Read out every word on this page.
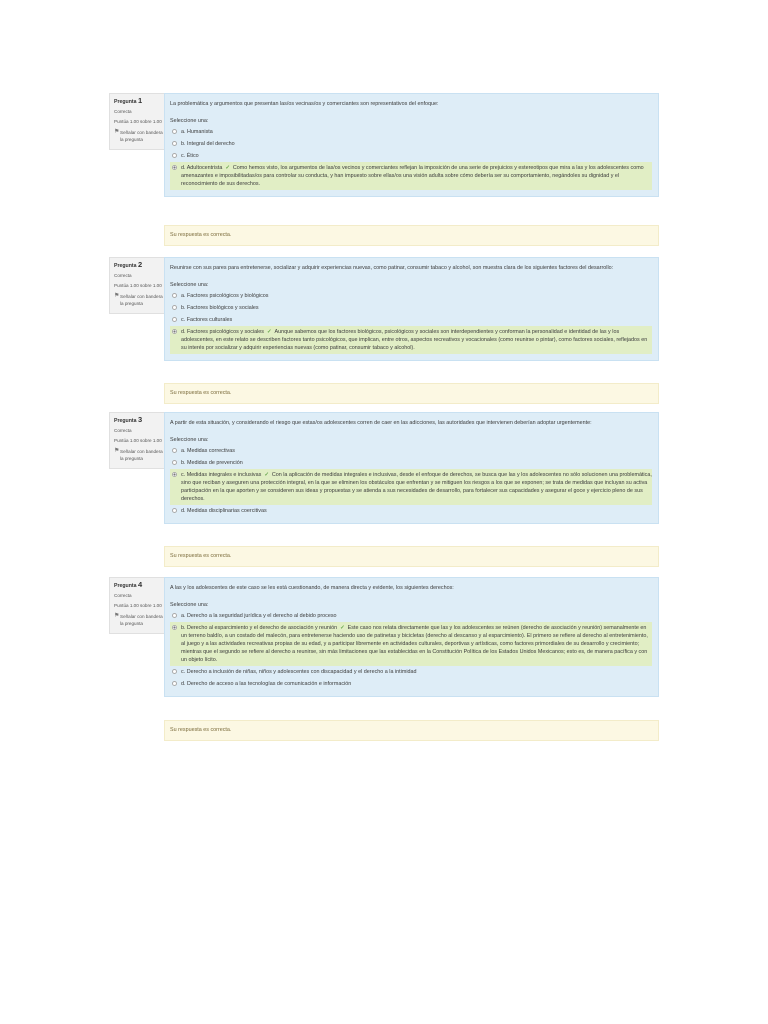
Pregunta 1
Correcta
Puntúa 1.00 sobre 1.00
⚑ Señalar con bandera la pregunta
La problemática y argumentos que presentan las/os vecinas/os y comerciantes son representativos del enfoque:
Seleccione una:
a. Humanista
b. Integral del derecho
c. Ético
d. Adultocentrista ✓ Como hemos visto, los argumentos de las/os vecinos y comerciantes reflejan la imposición de una serie de prejuicios y estereotipos que mira a las y los adolescentes como amenazantes e imposibilitadas/os para controlar su conducta, y han impuesto sobre ellas/os una visión adulta sobre cómo debería ser su comportamiento, negándoles su dignidad y el reconocimiento de sus derechos.
Su respuesta es correcta.
Pregunta 2
Correcta
Puntúa 1.00 sobre 1.00
⚑ Señalar con bandera la pregunta
Reunirse con sus pares para entretenerse, socializar y adquirir experiencias nuevas, como patinar, consumir tabaco y alcohol, son muestra clara de los siguientes factores del desarrollo:
Seleccione una:
a. Factores psicológicos y biológicos
b. Factores biológicos y sociales
c. Factores culturales
d. Factores psicológicos y sociales ✓ Aunque sabemos que los factores biológicos, psicológicos y sociales son interdependientes y conforman la personalidad e identidad de las y los adolescentes, en este relato se describen factores tanto psicológicos, que implican, entre otros, aspectos recreativos y vocacionales (como reunirse o pintar), como factores sociales, reflejados en su interés por socializar y adquirir experiencias nuevas (como patinar, consumir tabaco y alcohol).
Su respuesta es correcta.
Pregunta 3
Correcta
Puntúa 1.00 sobre 1.00
⚑ Señalar con bandera la pregunta
A partir de esta situación, y considerando el riesgo que estas/os adolescentes corren de caer en las adicciones, las autoridades que intervienen deberían adoptar urgentemente:
Seleccione una:
a. Medidas correctivas
b. Medidas de prevención
c. Medidas integrales e inclusivas ✓ Con la aplicación de medidas integrales e inclusivas, desde el enfoque de derechos, se busca que las y los adolescentes no sólo solucionen una problemática, sino que reciban y aseguren una protección integral, en la que se eliminen los obstáculos que enfrentan y se mitiguen los riesgos a los que se exponen; se trata de medidas que incluyan su activa participación en la que aporten y se consideren sus ideas y propuestas y se atienda a sus necesidades de desarrollo, para fortalecer sus capacidades y asegurar el goce y ejercicio pleno de sus derechos.
d. Medidas disciplinarias coercitivas
Su respuesta es correcta.
Pregunta 4
Correcta
Puntúa 1.00 sobre 1.00
⚑ Señalar con bandera la pregunta
A las y los adolescentes de este caso se les está cuestionando, de manera directa y evidente, los siguientes derechos:
Seleccione una:
a. Derecho a la seguridad jurídica y el derecho al debido proceso
b. Derecho al esparcimiento y el derecho de asociación y reunión ✓ Este caso nos relata directamente que las y los adolescentes se reúnen (derecho de asociación y reunión) semanalmente en un terreno baldío, a un costado del malecón, para entretenerse haciendo uso de patinetas y bicicletas (derecho al descanso y al esparcimiento). El primero se refiere al derecho al entretenimiento, al juego y a las actividades recreativas propias de su edad, y a participar libremente en actividades culturales, deportivas y artísticas, como factores primordiales de su desarrollo y crecimiento; mientras que el segundo se refiere al derecho a reunirse, sin más limitaciones que las establecidas en la Constitución Política de los Estados Unidos Mexicanos; esto es, de manera pacífica y con un objeto lícito.
c. Derecho a inclusión de niñas, niños y adolescentes con discapacidad y el derecho a la intimidad
d. Derecho de acceso a las tecnologías de comunicación e información
Su respuesta es correcta.
